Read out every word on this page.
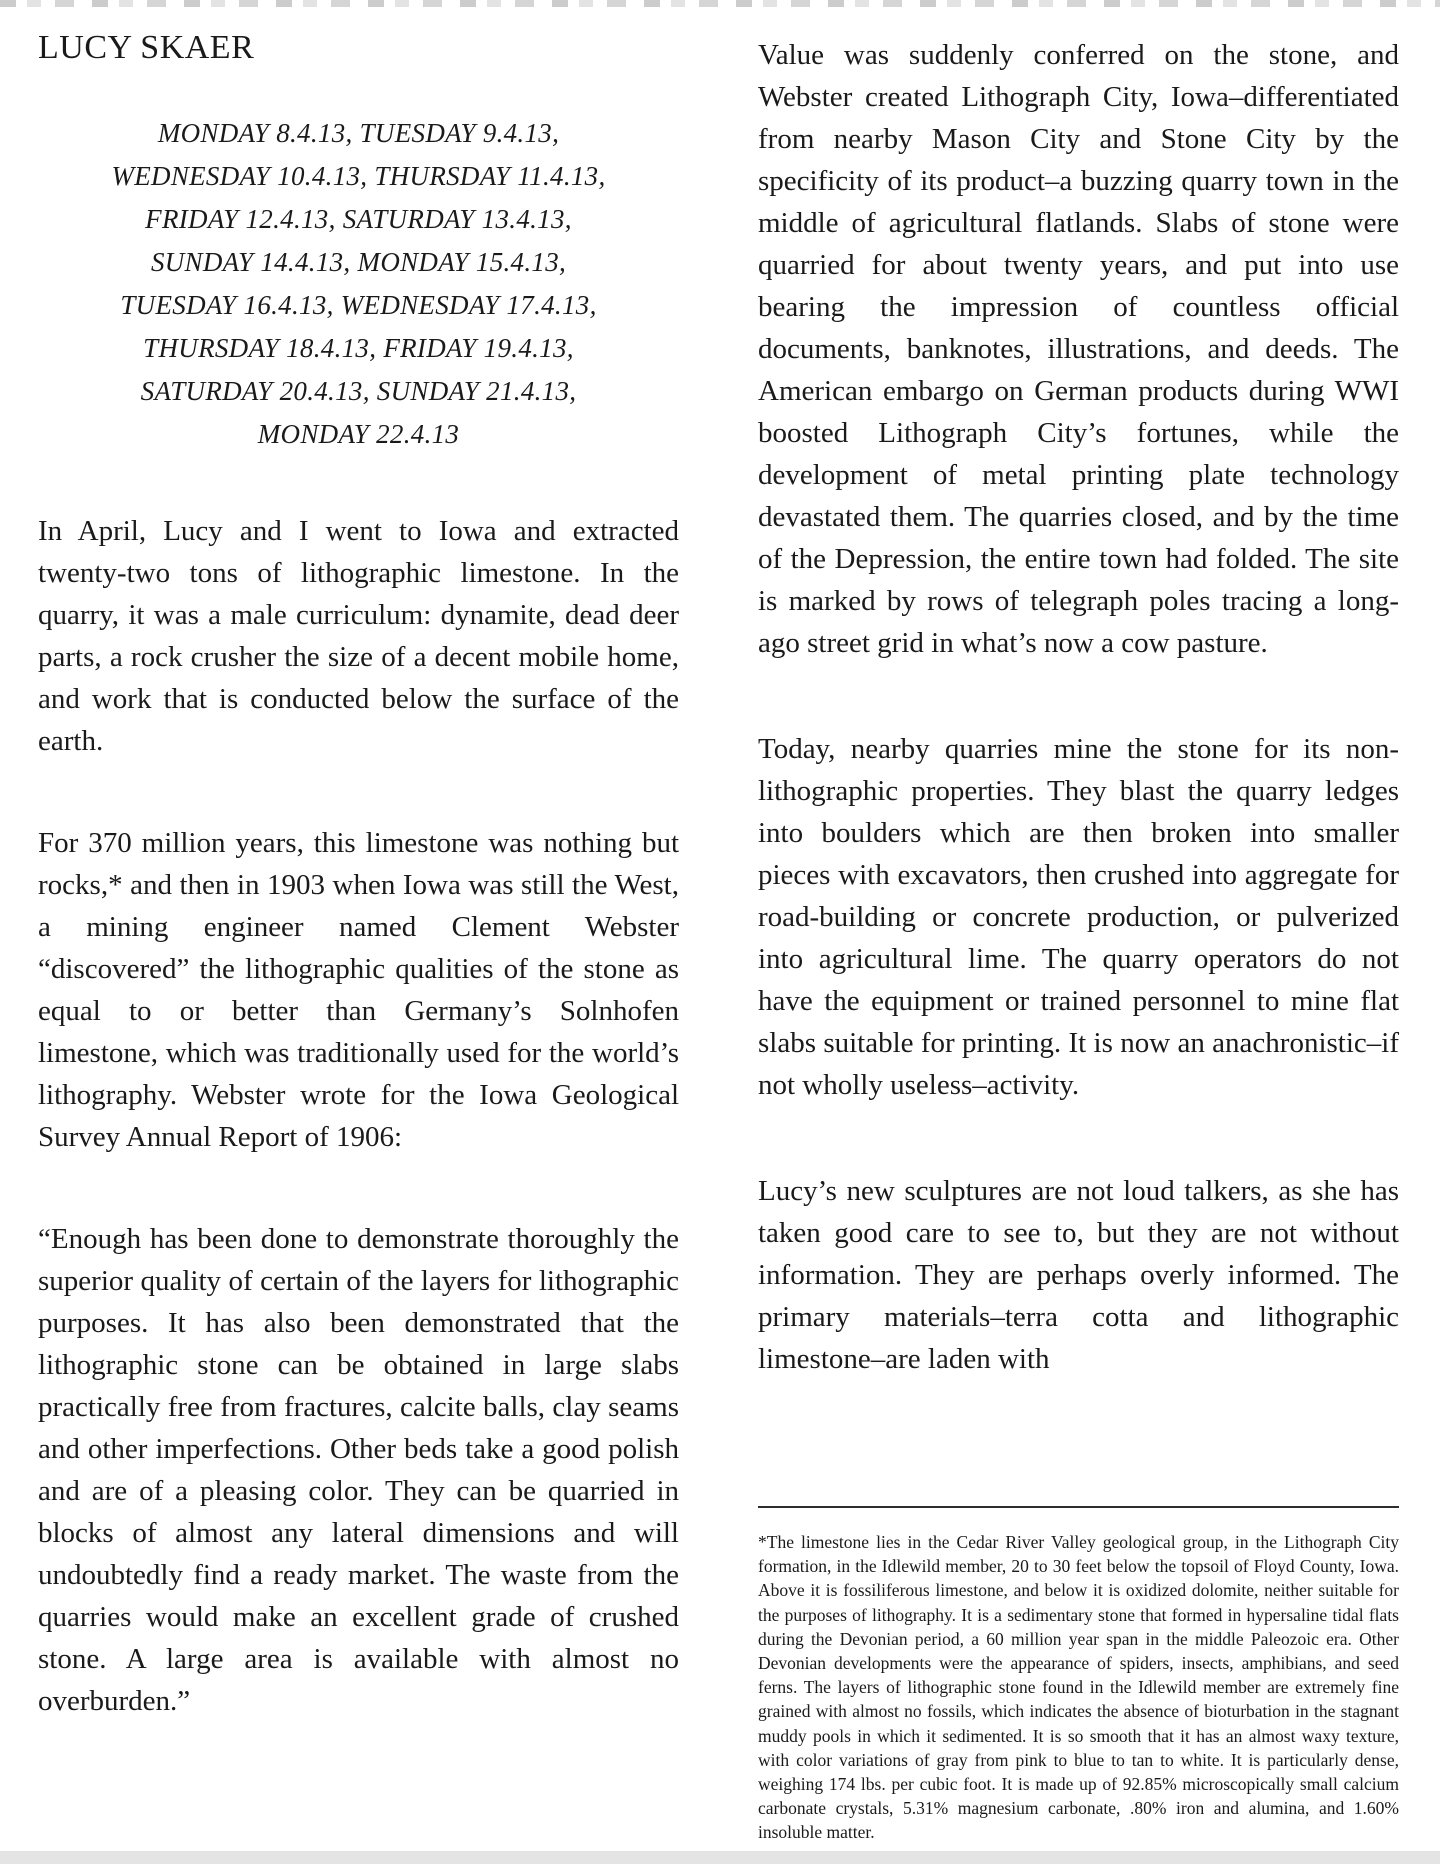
LUCY SKAER
MONDAY 8.4.13, TUESDAY 9.4.13,
WEDNESDAY 10.4.13, THURSDAY 11.4.13,
FRIDAY 12.4.13, SATURDAY 13.4.13,
SUNDAY 14.4.13, MONDAY 15.4.13,
TUESDAY 16.4.13, WEDNESDAY 17.4.13,
THURSDAY 18.4.13, FRIDAY 19.4.13,
SATURDAY 20.4.13, SUNDAY 21.4.13,
MONDAY 22.4.13

In April, Lucy and I went to Iowa and extracted twenty-two tons of lithographic limestone. In the quarry, it was a male curriculum: dynamite, dead deer parts, a rock crusher the size of a decent mobile home, and work that is conducted below the surface of the earth.

For 370 million years, this limestone was nothing but rocks,* and then in 1903 when Iowa was still the West, a mining engineer named Clement Webster “discovered” the lithographic qualities of the stone as equal to or better than Germany’s Solnhofen limestone, which was traditionally used for the world’s lithography. Webster wrote for the Iowa Geological Survey Annual Report of 1906:

“Enough has been done to demonstrate thoroughly the superior quality of certain of the layers for lithographic purposes. It has also been demonstrated that the lithographic stone can be obtained in large slabs practically free from fractures, calcite balls, clay seams and other imperfections. Other beds take a good polish and are of a pleasing color. They can be quarried in blocks of almost any lateral dimensions and will undoubtedly find a ready market. The waste from the quarries would make an excellent grade of crushed stone. A large area is available with almost no overburden.”

Value was suddenly conferred on the stone, and Webster created Lithograph City, Iowa–differentiated from nearby Mason City and Stone City by the specificity of its product–a buzzing quarry town in the middle of agricultural flatlands. Slabs of stone were quarried for about twenty years, and put into use bearing the impression of countless official documents, banknotes, illustrations, and deeds. The American embargo on German products during WWI boosted Lithograph City’s fortunes, while the development of metal printing plate technology devastated them. The quarries closed, and by the time of the Depression, the entire town had folded. The site is marked by rows of telegraph poles tracing a long-ago street grid in what’s now a cow pasture.

Today, nearby quarries mine the stone for its non-lithographic properties. They blast the quarry ledges into boulders which are then broken into smaller pieces with excavators, then crushed into aggregate for road-building or concrete production, or pulverized into agricultural lime. The quarry operators do not have the equipment or trained personnel to mine flat slabs suitable for printing. It is now an anachronistic–if not wholly useless–activity.

Lucy’s new sculptures are not loud talkers, as she has taken good care to see to, but they are not without information. They are perhaps overly informed. The primary materials–terra cotta and lithographic limestone–are laden with

*The limestone lies in the Cedar River Valley geological group, in the Lithograph City formation, in the Idlewild member, 20 to 30 feet below the topsoil of Floyd County, Iowa. Above it is fossiliferous limestone, and below it is oxidized dolomite, neither suitable for the purposes of lithography. It is a sedimentary stone that formed in hypersaline tidal flats during the Devonian period, a 60 million year span in the middle Paleozoic era. Other Devonian developments were the appearance of spiders, insects, amphibians, and seed ferns. The layers of lithographic stone found in the Idlewild member are extremely fine grained with almost no fossils, which indicates the absence of bioturbation in the stagnant muddy pools in which it sedimented. It is so smooth that it has an almost waxy texture, with color variations of gray from pink to blue to tan to white. It is particularly dense, weighing 174 lbs. per cubic foot. It is made up of 92.85% microscopically small calcium carbonate crystals, 5.31% magnesium carbonate, .80% iron and alumina, and 1.60% insoluble matter.
